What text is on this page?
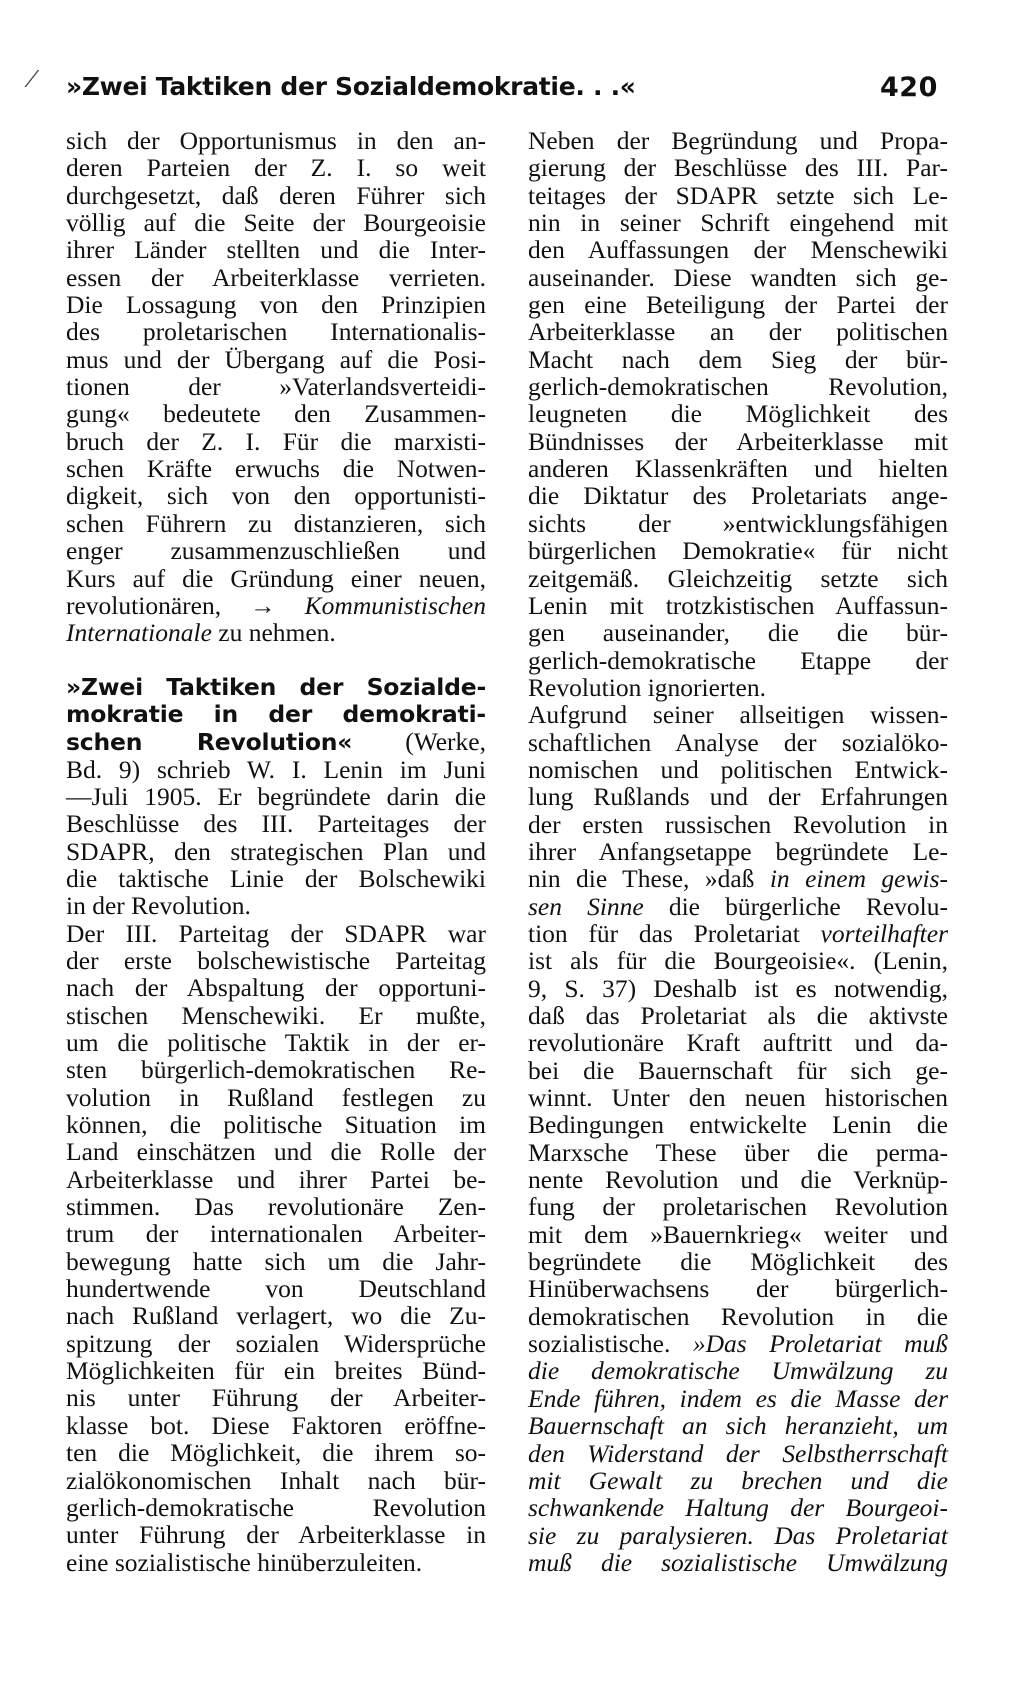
⁄ »Zwei Taktiken der Sozialdemokratie. . .«	420
sich der Opportunismus in den an-
deren Parteien der Z. I. so weit
durchgesetzt, daß deren Führer sich
völlig auf die Seite der Bourgeoisie
ihrer Länder stellten und die Inter-
essen der Arbeiterklasse verrieten.
Die Lossagung von den Prinzipien
des proletarischen Internationalis-
mus und der Übergang auf die Posi-
tionen der »Vaterlandsverteidi-
gung« bedeutete den Zusammen-
bruch der Z. I. Für die marxisti-
schen Kräfte erwuchs die Notwen-
digkeit, sich von den opportunisti-
schen Führern zu distanzieren, sich
enger zusammenzuschließen und
Kurs auf die Gründung einer neuen,
revolutionären, → Kommunistischen
Internationale zu nehmen.
»Zwei Taktiken der Sozialde-
mokratie in der demokrati-
schen Revolution« (Werke,
Bd. 9) schrieb W. I. Lenin im Juni
—Juli 1905. Er begründete darin die
Beschlüsse des III. Parteitages der
SDAPR, den strategischen Plan und
die taktische Linie der Bolschewiki
in der Revolution.
Der III. Parteitag der SDAPR war
der erste bolschewistische Parteitag
nach der Abspaltung der opportuni-
stischen Menschewiki. Er mußte,
um die politische Taktik in der er-
sten bürgerlich-demokratischen Re-
volution in Rußland festlegen zu
können, die politische Situation im
Land einschätzen und die Rolle der
Arbeiterklasse und ihrer Partei be-
stimmen. Das revolutionäre Zen-
trum der internationalen Arbeiter-
bewegung hatte sich um die Jahr-
hundertwende von Deutschland
nach Rußland verlagert, wo die Zu-
spitzung der sozialen Widersprüche
Möglichkeiten für ein breites Bünd-
nis unter Führung der Arbeiter-
klasse bot. Diese Faktoren eröffne-
ten die Möglichkeit, die ihrem so-
zialökonomischen Inhalt nach bür-
gerlich-demokratische Revolution
unter Führung der Arbeiterklasse in
eine sozialistische hinüberzuleiten.
Neben der Begründung und Propa-
gierung der Beschlüsse des III. Par-
teitages der SDAPR setzte sich Le-
nin in seiner Schrift eingehend mit
den Auffassungen der Menschewiki
auseinander. Diese wandten sich ge-
gen eine Beteiligung der Partei der
Arbeiterklasse an der politischen
Macht nach dem Sieg der bür-
gerlich-demokratischen Revolution,
leugneten die Möglichkeit des
Bündnisses der Arbeiterklasse mit
anderen Klassenkräften und hielten
die Diktatur des Proletariats ange-
sichts der »entwicklungsfähigen
bürgerlichen Demokratie« für nicht
zeitgemäß. Gleichzeitig setzte sich
Lenin mit trotzkistischen Auffassun-
gen auseinander, die die bür-
gerlich-demokratische Etappe der
Revolution ignorierten.
Aufgrund seiner allseitigen wissen-
schaftlichen Analyse der sozialöko-
nomischen und politischen Entwick-
lung Rußlands und der Erfahrungen
der ersten russischen Revolution in
ihrer Anfangsetappe begründete Le-
nin die These, »daß in einem gewis-
sen Sinne die bürgerliche Revolu-
tion für das Proletariat vorteilhafter
ist als für die Bourgeoisie«. (Lenin,
9, S. 37) Deshalb ist es notwendig,
daß das Proletariat als die aktivste
revolutionäre Kraft auftritt und da-
bei die Bauernschaft für sich ge-
winnt. Unter den neuen historischen
Bedingungen entwickelte Lenin die
Marxsche These über die perma-
nente Revolution und die Verknüp-
fung der proletarischen Revolution
mit dem »Bauernkrieg« weiter und
begründete die Möglichkeit des
Hinüberwachsens der bürgerlich-
demokratischen Revolution in die
sozialistische. »Das Proletariat muß
die demokratische Umwälzung zu
Ende führen, indem es die Masse der
Bauernschaft an sich heranzieht, um
den Widerstand der Selbstherrschaft
mit Gewalt zu brechen und die
schwankende Haltung der Bourgeoi-
sie zu paralysieren. Das Proletariat
muß die sozialistische Umwälzung
